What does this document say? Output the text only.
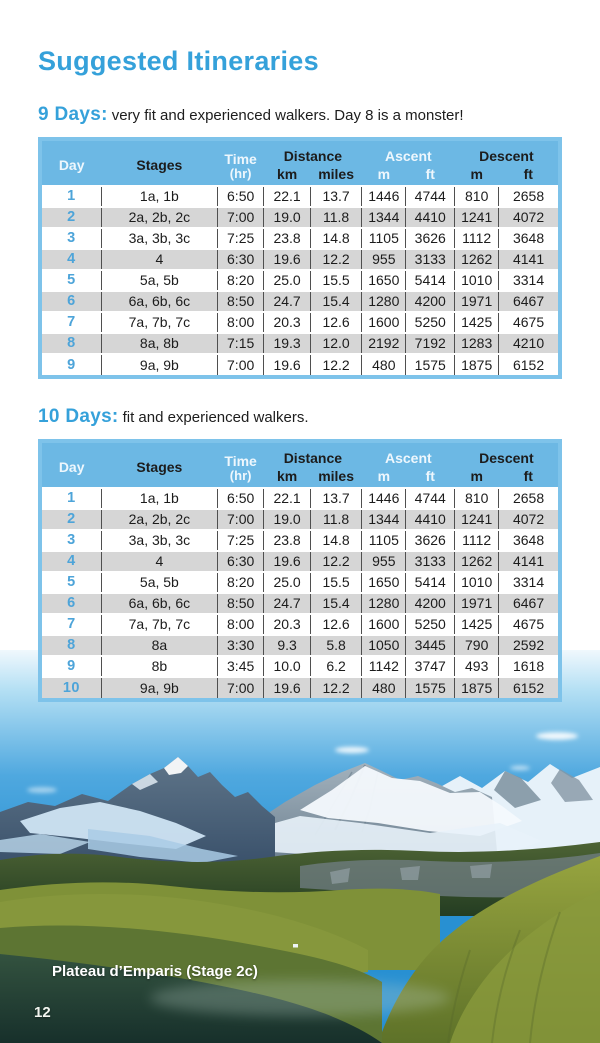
Suggested Itineraries
9 Days: very fit and experienced walkers. Day 8 is a monster!
Day	Stages	Time
(hr)	Distance		Ascent		Descent	
			km	miles	m	ft	m	ft
1	1a, 1b	6:50	22.1	13.7	1446	4744	810	2658
2	2a, 2b, 2c	7:00	19.0	11.8	1344	4410	1241	4072
3	3a, 3b, 3c	7:25	23.8	14.8	1105	3626	1112	3648
4	4	6:30	19.6	12.2	955	3133	1262	4141
5	5a, 5b	8:20	25.0	15.5	1650	5414	1010	3314
6	6a, 6b, 6c	8:50	24.7	15.4	1280	4200	1971	6467
7	7a, 7b, 7c	8:00	20.3	12.6	1600	5250	1425	4675
8	8a, 8b	7:15	19.3	12.0	2192	7192	1283	4210
9	9a, 9b	7:00	19.6	12.2	480	1575	1875	6152
10 Days: fit and experienced walkers.
Day	Stages	Time
(hr)	Distance		Ascent		Descent	
			km	miles	m	ft	m	ft
1	1a, 1b	6:50	22.1	13.7	1446	4744	810	2658
2	2a, 2b, 2c	7:00	19.0	11.8	1344	4410	1241	4072
3	3a, 3b, 3c	7:25	23.8	14.8	1105	3626	1112	3648
4	4	6:30	19.6	12.2	955	3133	1262	4141
5	5a, 5b	8:20	25.0	15.5	1650	5414	1010	3314
6	6a, 6b, 6c	8:50	24.7	15.4	1280	4200	1971	6467
7	7a, 7b, 7c	8:00	20.3	12.6	1600	5250	1425	4675
8	8a	3:30	9.3	5.8	1050	3445	790	2592
9	8b	3:45	10.0	6.2	1142	3747	493	1618
10	9a, 9b	7:00	19.6	12.2	480	1575	1875	6152
Plateau d’Emparis (Stage 2c)
12
